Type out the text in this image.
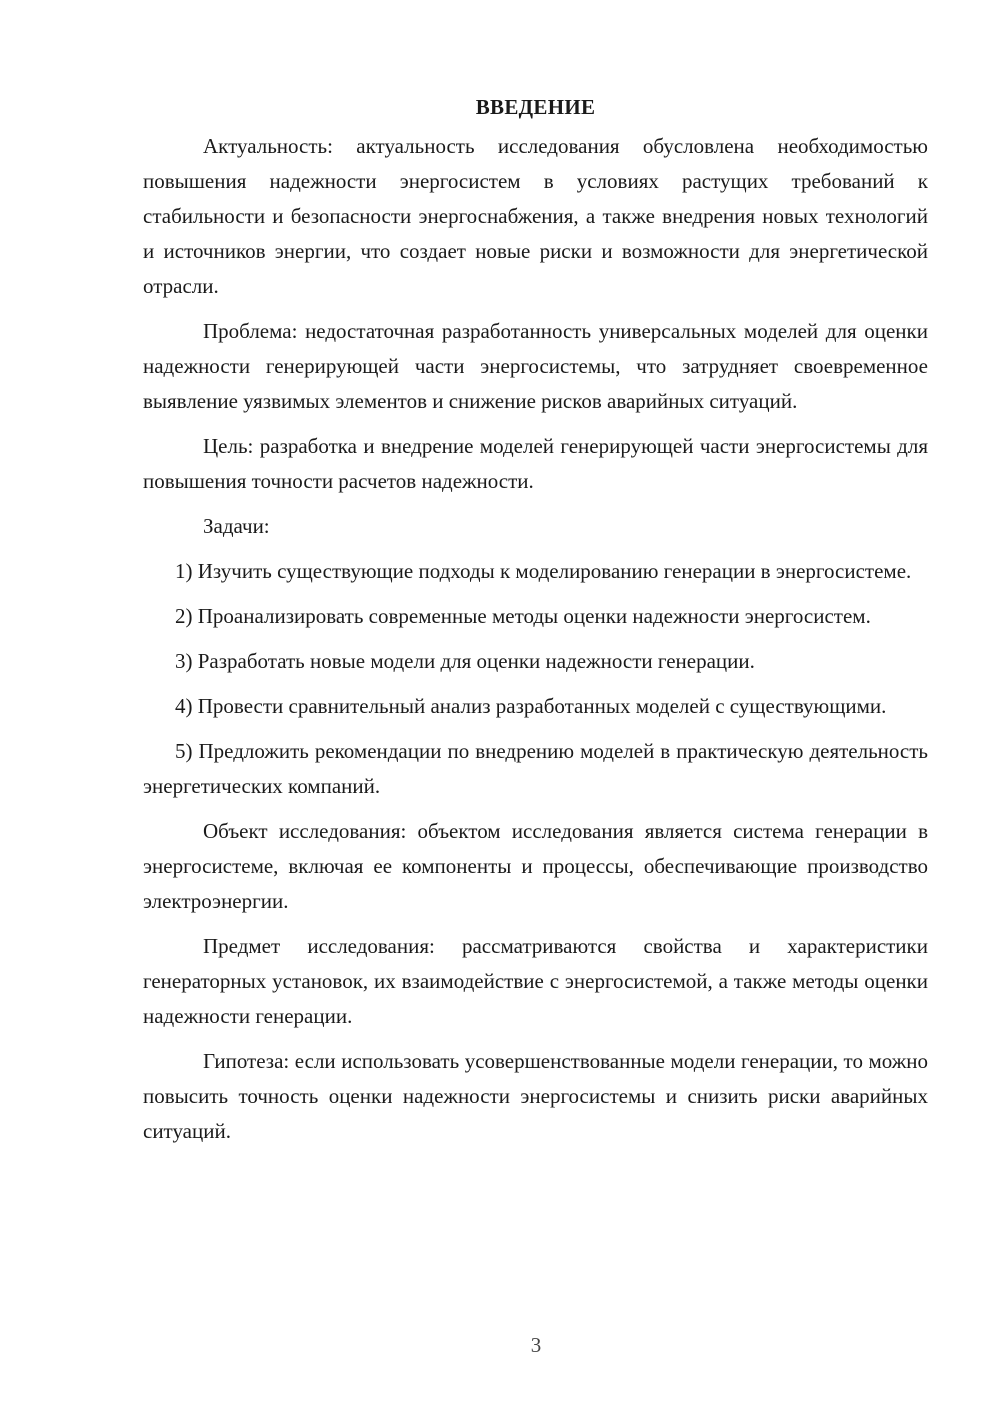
ВВЕДЕНИЕ

Актуальность: актуальность исследования обусловлена необходимостью повышения надежности энергосистем в условиях растущих требований к стабильности и безопасности энергоснабжения, а также внедрения новых технологий и источников энергии, что создает новые риски и возможности для энергетической отрасли.

Проблема: недостаточная разработанность универсальных моделей для оценки надежности генерирующей части энергосистемы, что затрудняет своевременное выявление уязвимых элементов и снижение рисков аварийных ситуаций.

Цель: разработка и внедрение моделей генерирующей части энергосистемы для повышения точности расчетов надежности.

Задачи:

1) Изучить существующие подходы к моделированию генерации в энергосистеме.

2) Проанализировать современные методы оценки надежности энергосистем.

3) Разработать новые модели для оценки надежности генерации.

4) Провести сравнительный анализ разработанных моделей с существующими.

5) Предложить рекомендации по внедрению моделей в практическую деятельность энергетических компаний.

Объект исследования: объектом исследования является система генерации в энергосистеме, включая ее компоненты и процессы, обеспечивающие производство электроэнергии.

Предмет исследования: рассматриваются свойства и характеристики генераторных установок, их взаимодействие с энергосистемой, а также методы оценки надежности генерации.

Гипотеза: если использовать усовершенствованные модели генерации, то можно повысить точность оценки надежности энергосистемы и снизить риски аварийных ситуаций.

3
